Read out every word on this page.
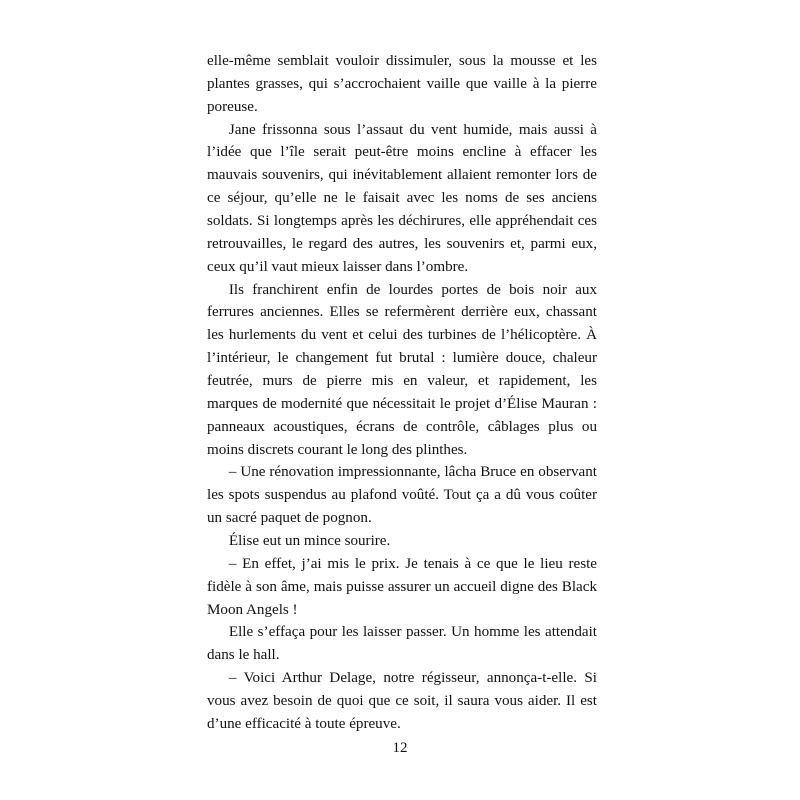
elle-même semblait vouloir dissimuler, sous la mousse et les plantes grasses, qui s’accrochaient vaille que vaille à la pierre poreuse.

Jane frissonna sous l’assaut du vent humide, mais aussi à l’idée que l’île serait peut-être moins encline à effacer les mauvais souvenirs, qui inévitablement allaient remonter lors de ce séjour, qu’elle ne le faisait avec les noms de ses anciens soldats. Si longtemps après les déchirures, elle appréhendait ces retrouvailles, le regard des autres, les souvenirs et, parmi eux, ceux qu’il vaut mieux laisser dans l’ombre.

Ils franchirent enfin de lourdes portes de bois noir aux ferrures anciennes. Elles se refermèrent derrière eux, chassant les hurlements du vent et celui des turbines de l’hélicoptère. À l’intérieur, le changement fut brutal : lumière douce, chaleur feutrée, murs de pierre mis en valeur, et rapidement, les marques de modernité que nécessitait le projet d’Élise Mauran : panneaux acoustiques, écrans de contrôle, câblages plus ou moins discrets courant le long des plinthes.

– Une rénovation impressionnante, lâcha Bruce en observant les spots suspendus au plafond voûté. Tout ça a dû vous coûter un sacré paquet de pognon.

Élise eut un mince sourire.

– En effet, j’ai mis le prix. Je tenais à ce que le lieu reste fidèle à son âme, mais puisse assurer un accueil digne des Black Moon Angels !

Elle s’effaça pour les laisser passer. Un homme les attendait dans le hall.

– Voici Arthur Delage, notre régisseur, annonça-t-elle. Si vous avez besoin de quoi que ce soit, il saura vous aider. Il est d’une efficacité à toute épreuve.

12
